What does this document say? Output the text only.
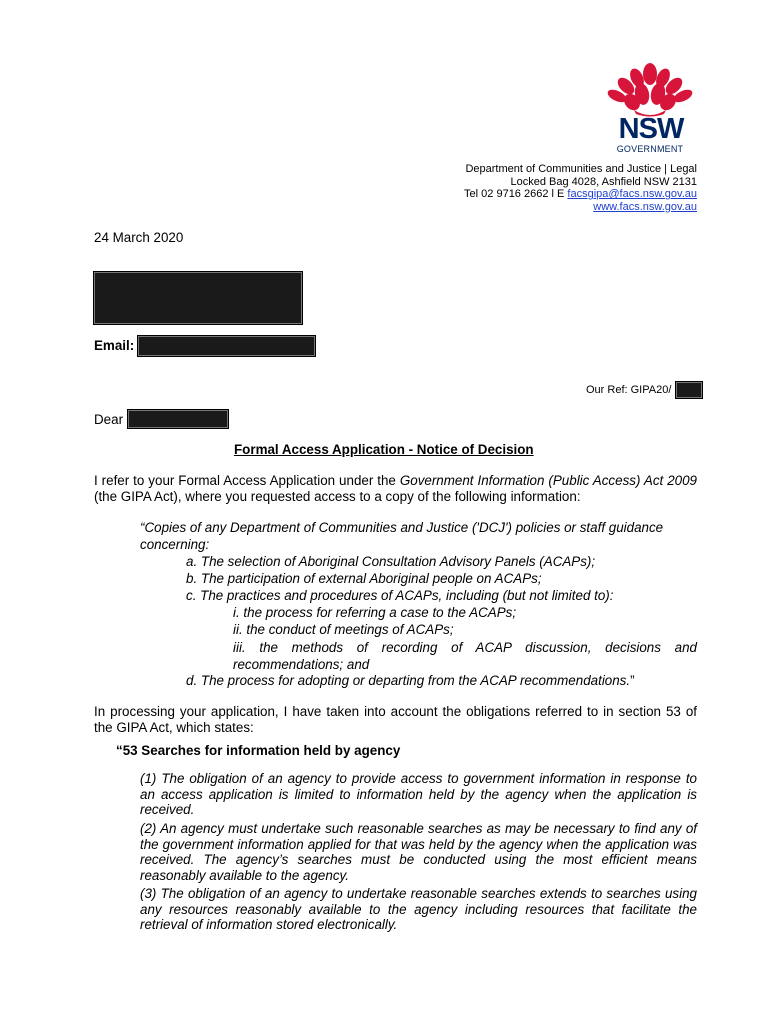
NSW
GOVERNMENT
Department of Communities and Justice | Legal
Locked Bag 4028, Ashfield NSW 2131
Tel 02 9716 2662 l E facsgipa@facs.nsw.gov.au
www.facs.nsw.gov.au
24 March 2020
Email:
Our Ref: GIPA20/
Dear
Formal Access Application - Notice of Decision
I refer to your Formal Access Application under the Government Information (Public Access) Act 2009 (the GIPA Act), where you requested access to a copy of the following information:
“Copies of any Department of Communities and Justice ('DCJ') policies or staff guidance
concerning:
a. The selection of Aboriginal Consultation Advisory Panels (ACAPs);
b. The participation of external Aboriginal people on ACAPs;
c. The practices and procedures of ACAPs, including (but not limited to):
i. the process for referring a case to the ACAPs;
ii. the conduct of meetings of ACAPs;
iii. the methods of recording of ACAP discussion, decisions and recommendations; and
d. The process for adopting or departing from the ACAP recommendations.”
In processing your application, I have taken into account the obligations referred to in section 53 of the GIPA Act, which states:
“53 Searches for information held by agency
(1) The obligation of an agency to provide access to government information in response to an access application is limited to information held by the agency when the application is received.
(2) An agency must undertake such reasonable searches as may be necessary to find any of the government information applied for that was held by the agency when the application was received. The agency’s searches must be conducted using the most efficient means reasonably available to the agency.
(3) The obligation of an agency to undertake reasonable searches extends to searches using any resources reasonably available to the agency including resources that facilitate the retrieval of information stored electronically.
